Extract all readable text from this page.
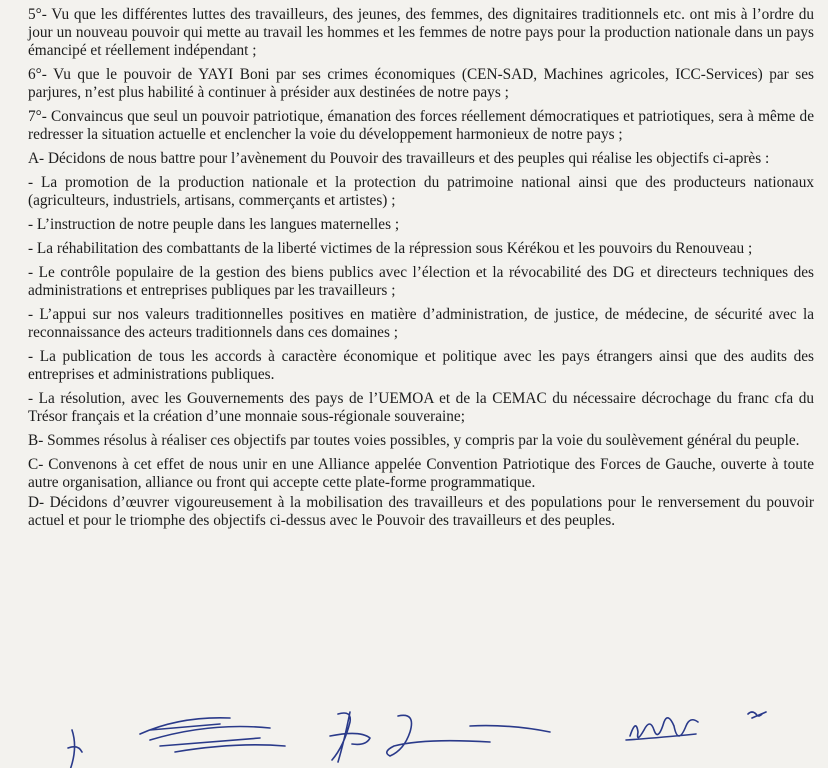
5°- Vu que les différentes luttes des travailleurs, des jeunes, des femmes, des dignitaires traditionnels etc. ont mis à l’ordre du jour un nouveau pouvoir qui mette au travail les hommes et les femmes de notre pays pour la production nationale dans un pays émancipé et réellement indépendant ;

6°- Vu que le pouvoir de YAYI Boni par ses crimes économiques (CEN-SAD, Machines agricoles, ICC-Services) par ses parjures, n’est plus habilité à continuer à présider aux destinées de notre pays ;

7°- Convaincus que seul un pouvoir patriotique, émanation des forces réellement démocratiques et patriotiques, sera à même de redresser la situation actuelle et enclencher la voie du développement harmonieux de notre pays ;

A- Décidons de nous battre pour l’avènement du Pouvoir des travailleurs et des peuples qui réalise les objectifs ci-après :

- La promotion de la production nationale et la protection du patrimoine national ainsi que des producteurs nationaux (agriculteurs, industriels, artisans, commerçants et artistes) ;

- L’instruction de notre peuple dans les langues maternelles ;

- La réhabilitation des combattants de la liberté victimes de la répression sous Kérékou et les pouvoirs du Renouveau ;

- Le contrôle populaire de la gestion des biens publics avec l’élection et la révocabilité des DG et directeurs techniques des administrations et entreprises publiques par les travailleurs ;

- L’appui sur nos valeurs traditionnelles positives en matière d’administration, de justice, de médecine, de sécurité avec la reconnaissance des acteurs traditionnels dans ces domaines ;

- La publication de tous les accords à caractère économique et politique avec les pays étrangers ainsi que des audits des entreprises et administrations publiques.

- La résolution, avec les Gouvernements des pays de l’UEMOA et de la CEMAC du nécessaire décrochage du franc cfa du Trésor français et la création d’une monnaie sous-régionale souveraine;

B- Sommes résolus à réaliser ces objectifs par toutes voies possibles, y compris par la voie du soulèvement général du peuple.

C- Convenons à cet effet de nous unir en une Alliance appelée Convention Patriotique des Forces de Gauche, ouverte à toute autre organisation, alliance ou front qui accepte cette plate-forme programmatique.

D- Décidons d’œuvrer vigoureusement à la mobilisation des travailleurs et des populations pour le renversement du pouvoir actuel et pour le triomphe des objectifs ci-dessus avec le Pouvoir des travailleurs et des peuples.
